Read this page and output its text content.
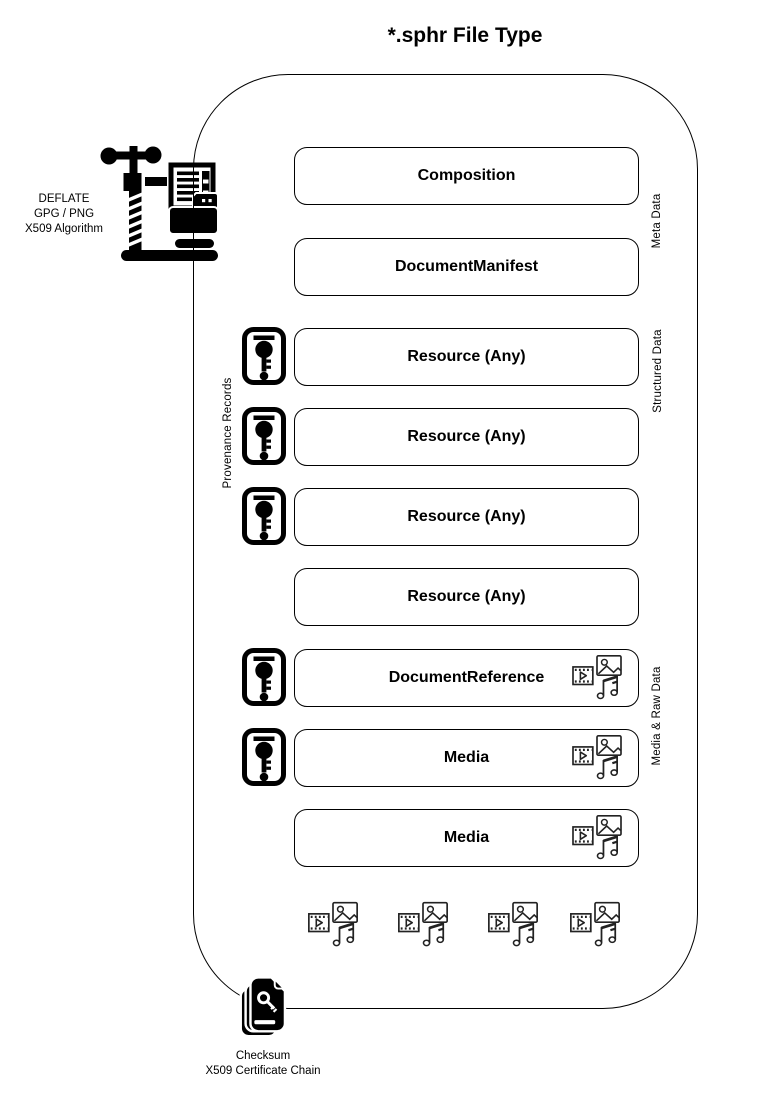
*.sphr File Type
DEFLATE
GPG / PNG
X509 Algorithm	Meta Data
Structured Data
Media & Raw Data
Provenance Records
Composition
DocumentManifest
Resource (Any)
Resource (Any)
Resource (Any)
Resource (Any)
DocumentReference
Media
Media
Checksum
X509 Certificate Chain
